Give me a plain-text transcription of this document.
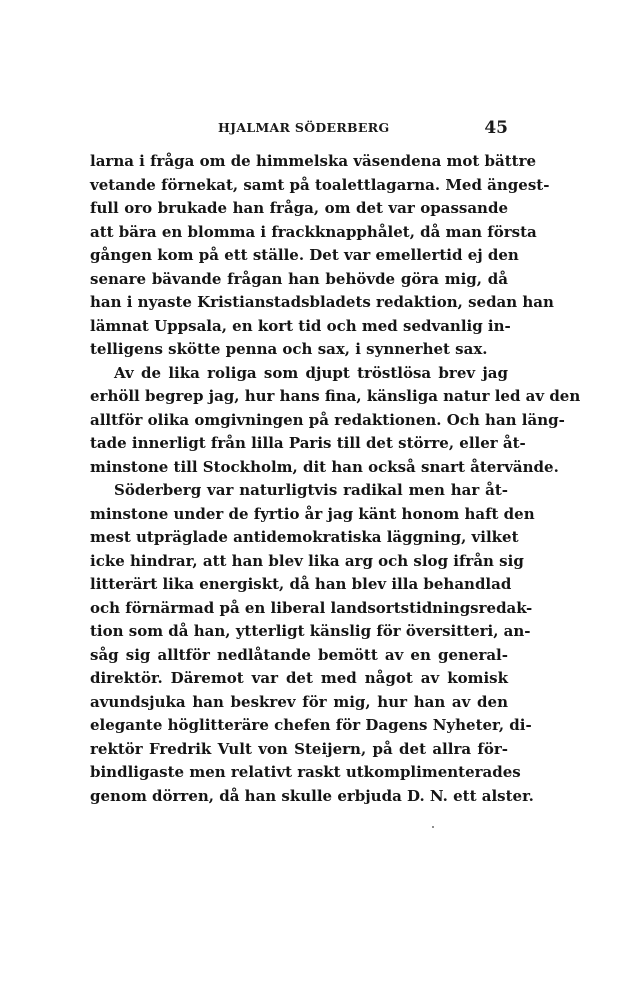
HJALMAR SÖDERBERG	45
larna i fråga om de himmelska väsendena mot bättre
vetande förnekat, samt på toalettlagarna. Med ängest-
full oro brukade han fråga, om det var opassande
att bära en blomma i frackknapphålet, då man första
gången kom på ett ställe. Det var emellertid ej den
senare bävande frågan han behövde göra mig, då
han i nyaste Kristianstadsbladets redaktion, sedan han
lämnat Uppsala, en kort tid och med sedvanlig in-
telligens skötte penna och sax, i synnerhet sax.
Av de lika roliga som djupt tröstlösa brev jag
erhöll begrep jag, hur hans fina, känsliga natur led av den
alltför olika omgivningen på redaktionen. Och han läng-
tade innerligt från lilla Paris till det större, eller åt-
minstone till Stockholm, dit han också snart återvände.
Söderberg var naturligtvis radikal men har åt-
minstone under de fyrtio år jag känt honom haft den
mest utpräglade antidemokratiska läggning, vilket
icke hindrar, att han blev lika arg och slog ifrån sig
litterärt lika energiskt, då han blev illa behandlad
och förnärmad på en liberal landsortstidningsredak-
tion som då han, ytterligt känslig för översitteri, an-
såg sig alltför nedlåtande bemött av en general-
direktör. Däremot var det med något av komisk
avundsjuka han beskrev för mig, hur han av den
elegante höglitteräre chefen för Dagens Nyheter, di-
rektör Fredrik Vult von Steijern, på det allra för-
bindligaste men relativt raskt utkomplimenterades
genom dörren, då han skulle erbjuda D. N. ett alster.
